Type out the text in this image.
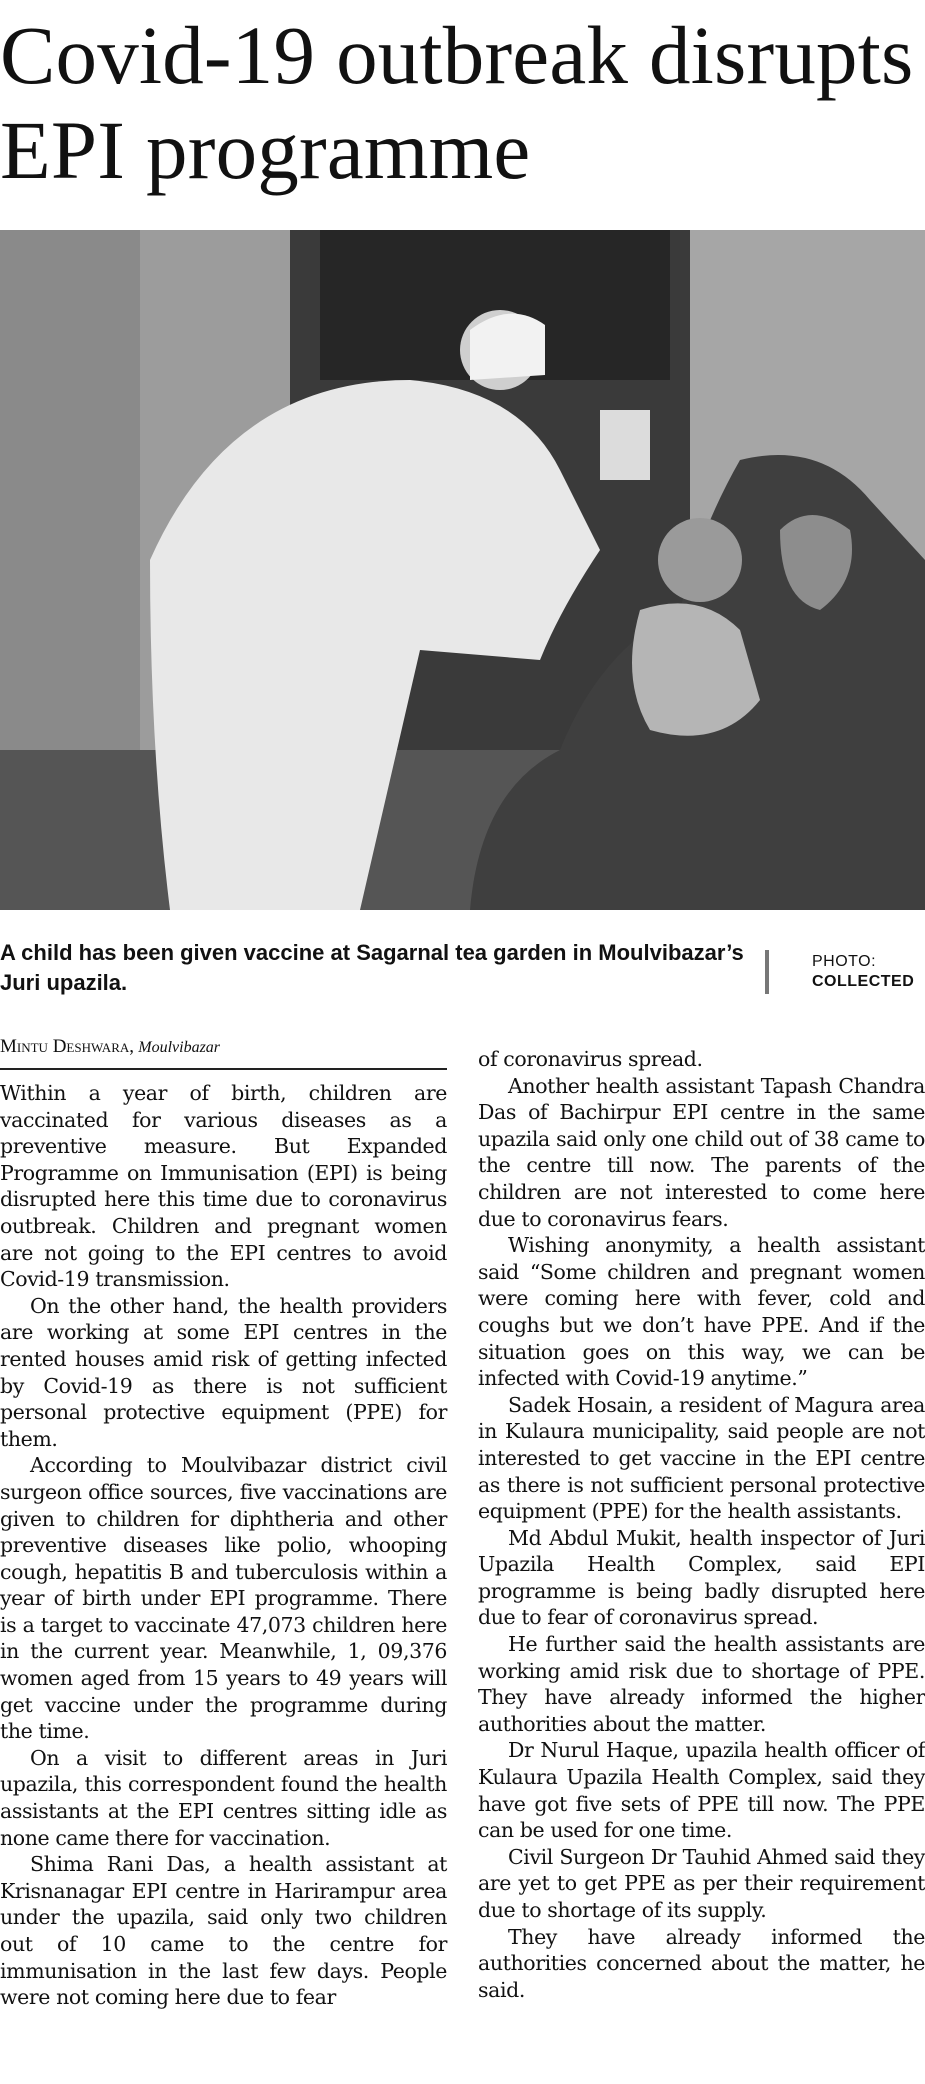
Covid-19 outbreak disrupts EPI programme
A child has been given vaccine at Sagarnal tea garden in Moulvibazar’s Juri upazila.
PHOTO:
COLLECTED
Mintu Deshwara, Moulvibazar

Within a year of birth, children are vaccinated for various diseases as a preventive measure. But Expanded Programme on Immunisation (EPI) is being disrupted here this time due to coronavirus outbreak. Children and pregnant women are not going to the EPI centres to avoid Covid-19 transmission.

On the other hand, the health providers are working at some EPI centres in the rented houses amid risk of getting infected by Covid-19 as there is not sufficient personal protective equipment (PPE) for them.

According to Moulvibazar district civil surgeon office sources, five vaccinations are given to children for diphtheria and other preventive diseases like polio, whooping cough, hepatitis B and tuberculosis within a year of birth under EPI programme. There is a target to vaccinate 47,073 children here in the current year. Meanwhile, 1, 09,376 women aged from 15 years to 49 years will get vaccine under the programme during the time.

On a visit to different areas in Juri upazila, this correspondent found the health assistants at the EPI centres sitting idle as none came there for vaccination.

Shima Rani Das, a health assistant at Krisnanagar EPI centre in Harirampur area under the upazila, said only two children out of 10 came to the centre for immunisation in the last few days. People were not coming here due to fear

of coronavirus spread.

Another health assistant Tapash Chandra Das of Bachirpur EPI centre in the same upazila said only one child out of 38 came to the centre till now. The parents of the children are not interested to come here due to coronavirus fears.

Wishing anonymity, a health assistant said “Some children and pregnant women were coming here with fever, cold and coughs but we don’t have PPE. And if the situation goes on this way, we can be infected with Covid-19 anytime.”

Sadek Hosain, a resident of Magura area in Kulaura municipality, said people are not interested to get vaccine in the EPI centre as there is not sufficient personal protective equipment (PPE) for the health assistants.

Md Abdul Mukit, health inspector of Juri Upazila Health Complex, said EPI programme is being badly disrupted here due to fear of coronavirus spread.

He further said the health assistants are working amid risk due to shortage of PPE. They have already informed the higher authorities about the matter.

Dr Nurul Haque, upazila health officer of Kulaura Upazila Health Complex, said they have got five sets of PPE till now. The PPE can be used for one time.

Civil Surgeon Dr Tauhid Ahmed said they are yet to get PPE as per their requirement due to shortage of its supply.

They have already informed the authorities concerned about the matter, he said.
